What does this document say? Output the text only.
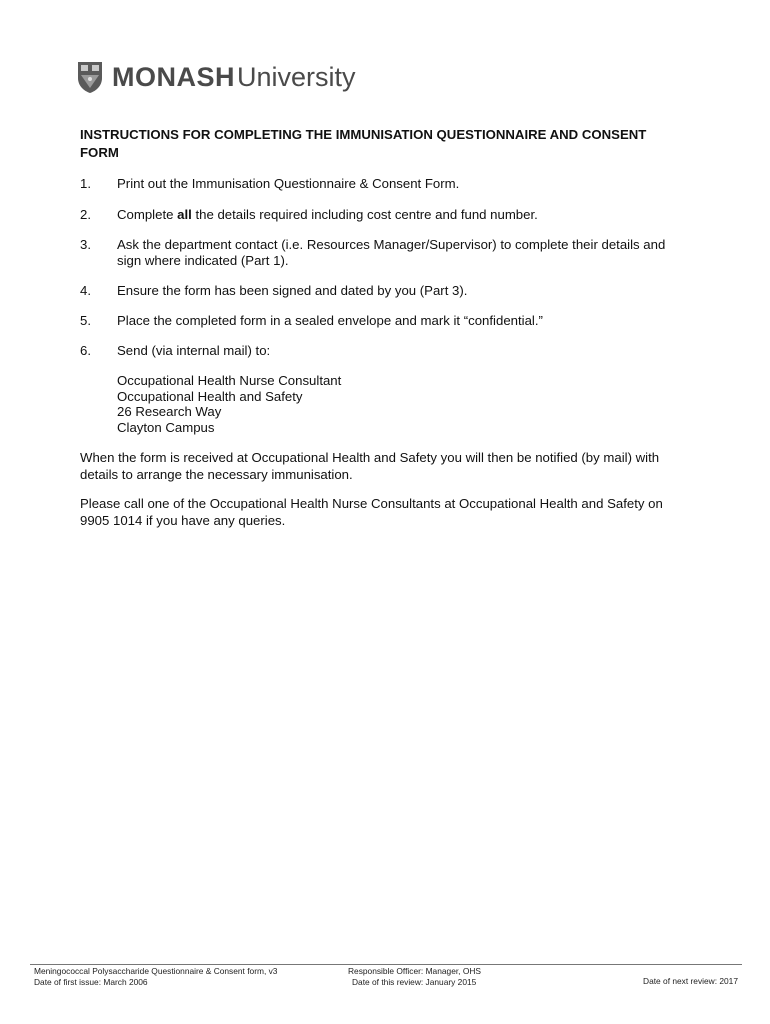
MONASH University
INSTRUCTIONS FOR COMPLETING THE IMMUNISATION QUESTIONNAIRE AND CONSENT FORM
1.	Print out the Immunisation Questionnaire & Consent Form.
2.	Complete all the details required including cost centre and fund number.
3.	Ask the department contact (i.e. Resources Manager/Supervisor) to complete their details and sign where indicated (Part 1).
4.	Ensure the form has been signed and dated by you (Part 3).
5.	Place the completed form in a sealed envelope and mark it “confidential.”
6.	Send (via internal mail) to:
Occupational Health Nurse Consultant
Occupational Health and Safety
26 Research Way
Clayton Campus

When the form is received at Occupational Health and Safety you will then be notified (by mail) with details to arrange the necessary immunisation.

Please call one of the Occupational Health Nurse Consultants at Occupational Health and Safety on 9905 1014 if you have any queries.

Meningococcal Polysaccharide Questionnaire & Consent form, v3
Date of first issue: March 2006
Responsible Officer: Manager, OHS
Date of this review: January 2015	Date of next review: 2017
